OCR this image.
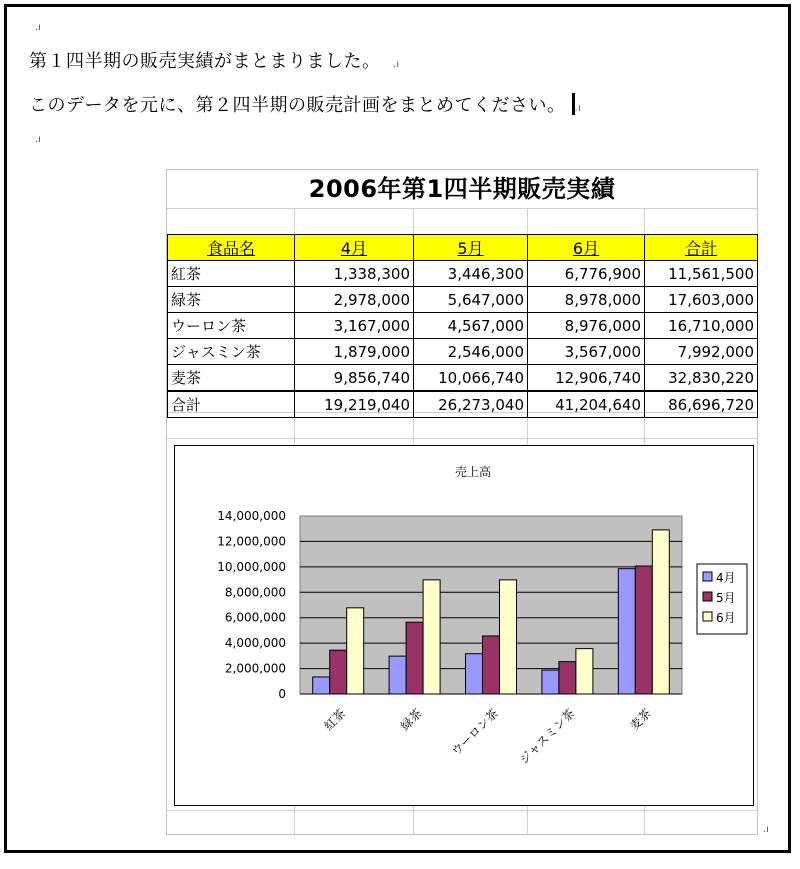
.ı
第１四半期の販売実績がまとまりました。 .ı
このデータを元に、第２四半期の販売計画をまとめてください。 .ı
.ı
2006年第1四半期販売実績
食品名	4月	5月	6月	合計
紅茶	1,338,300	3,446,300	6,776,900	11,561,500
緑茶	2,978,000	5,647,000	8,978,000	17,603,000
ウーロン茶	3,167,000	4,567,000	8,976,000	16,710,000
ジャスミン茶	1,879,000	2,546,000	3,567,000	7,992,000
麦茶	9,856,740	10,066,740	12,906,740	32,830,220
合計	19,219,040	26,273,040	41,204,640	86,696,720
売上高
0
2,000,000
4,000,000
6,000,000
8,000,000
10,000,000
12,000,000
14,000,000
紅茶	緑茶 ウーロン茶 ジャスミン茶	麦茶
4月
5月
6月
.ı
